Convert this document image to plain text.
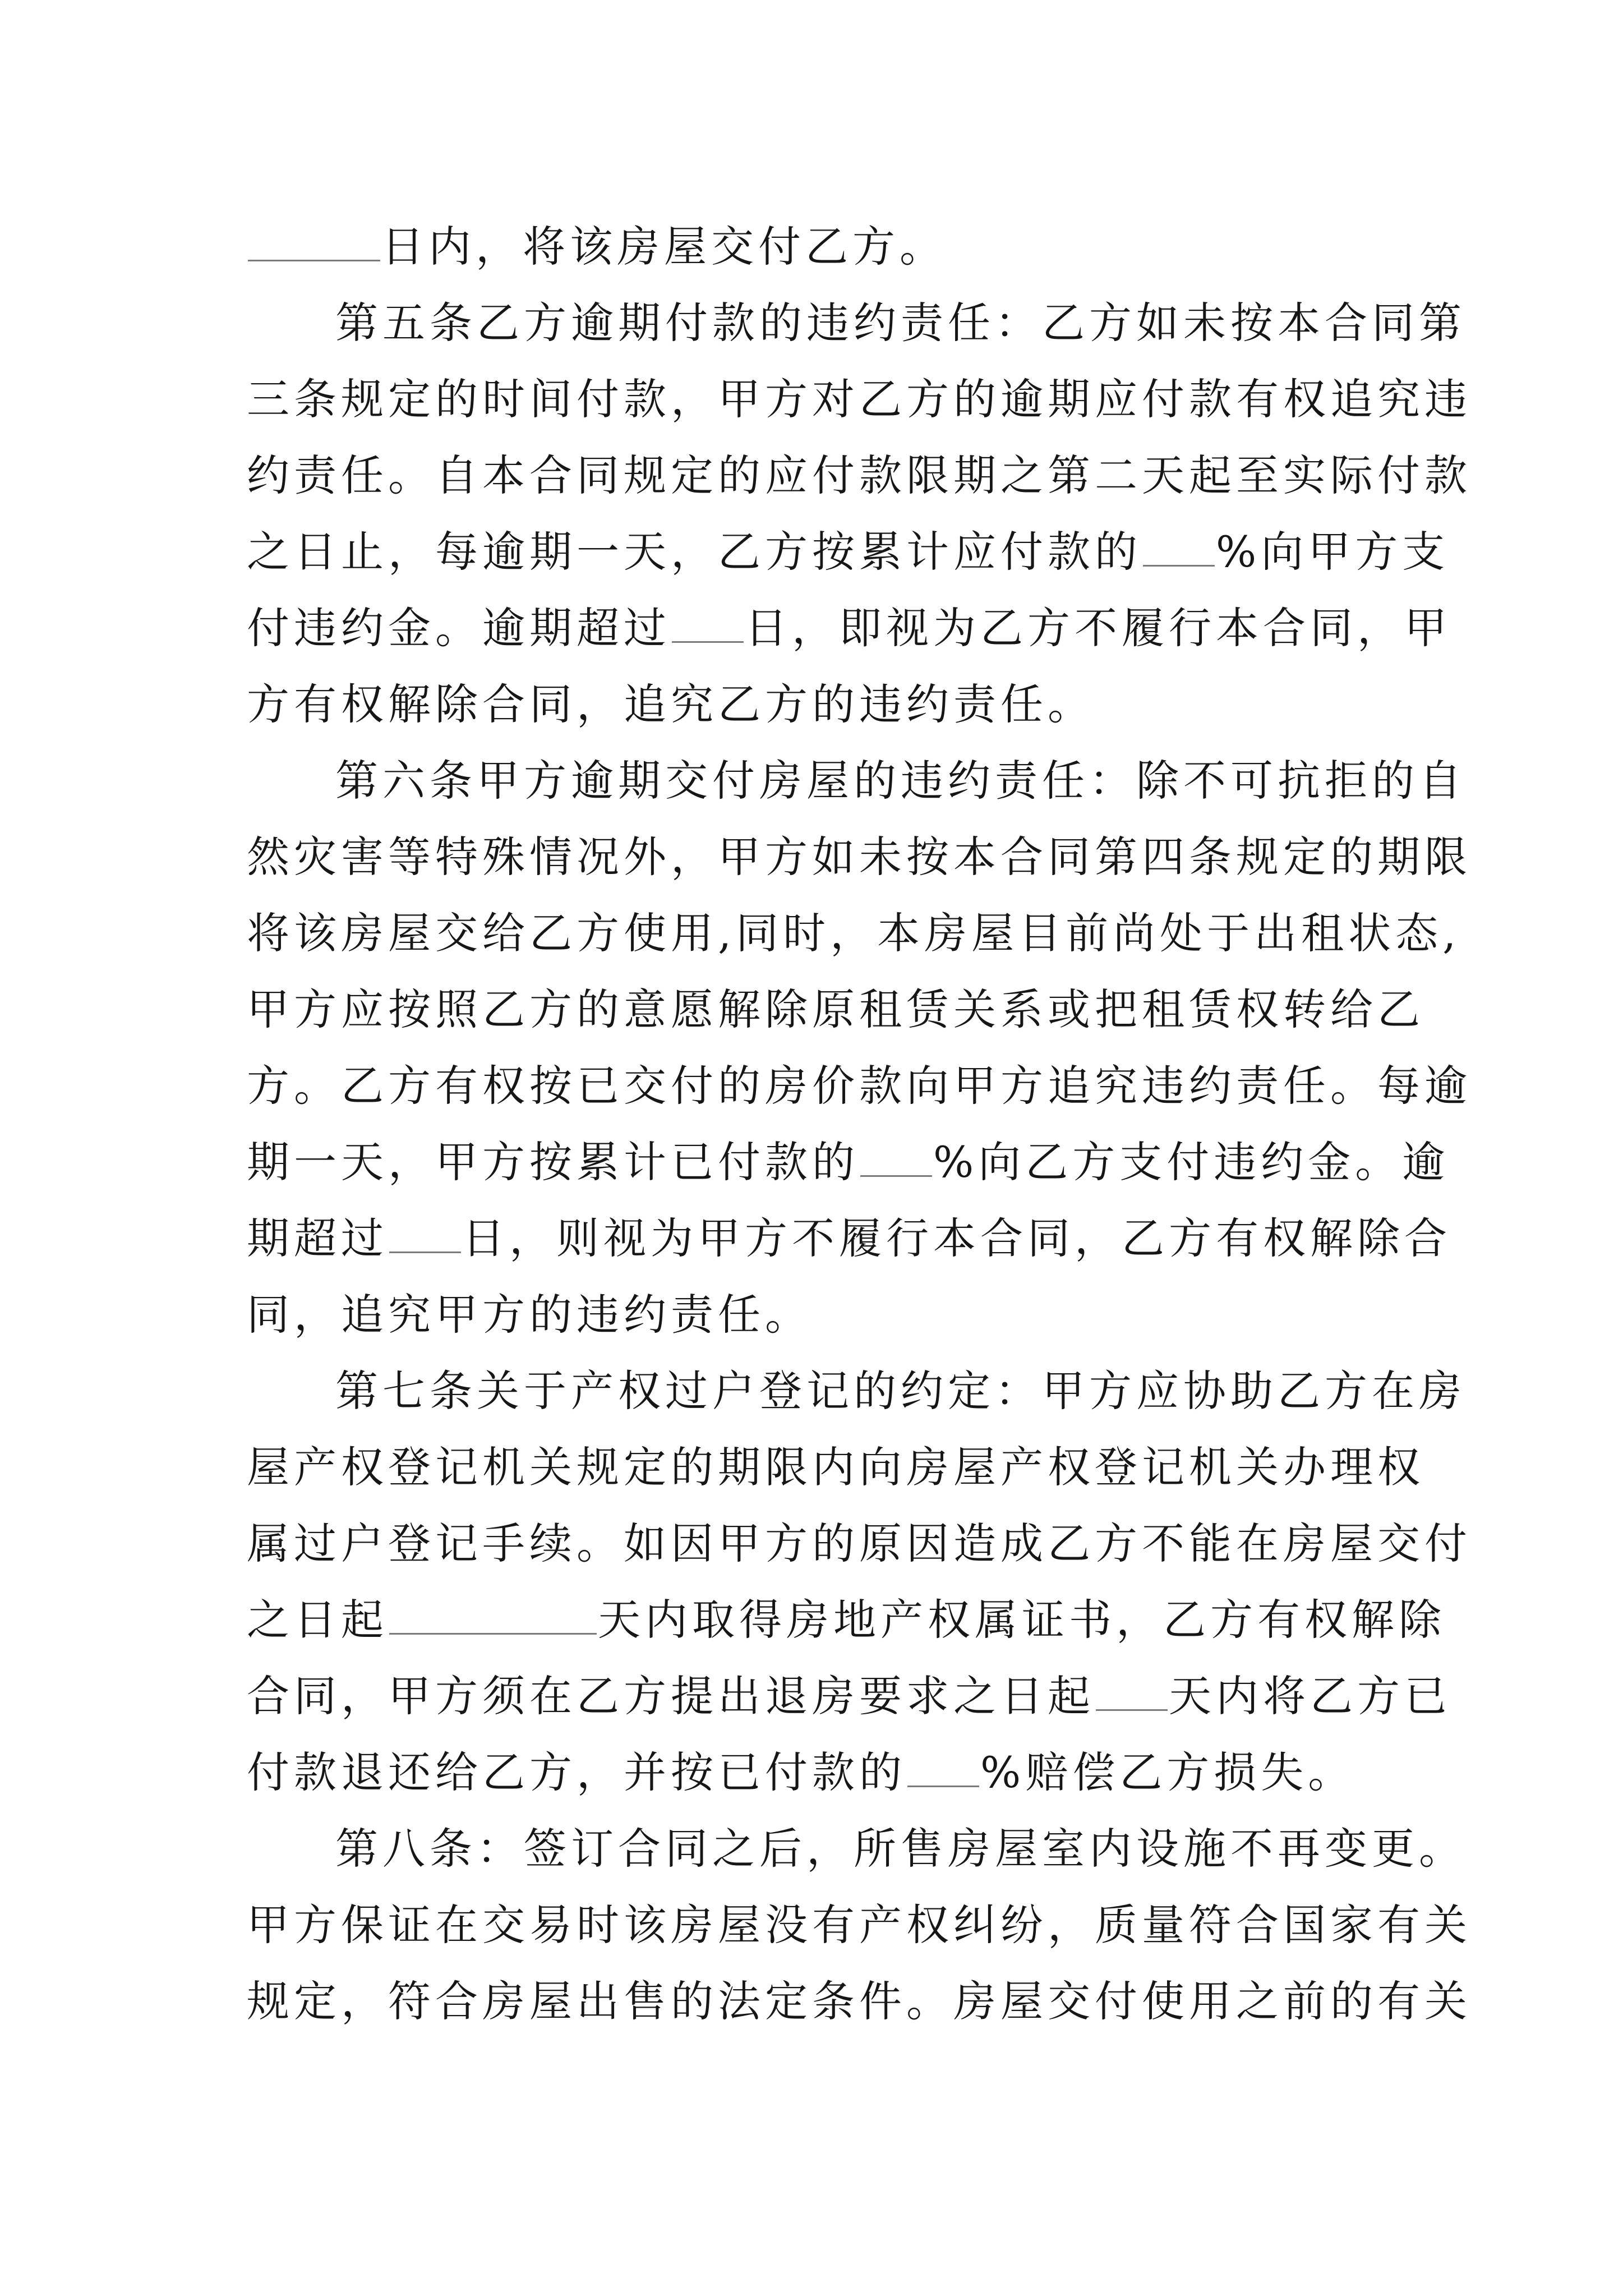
日内，将该房屋交付乙方。
第五条乙方逾期付款的违约责任：乙方如未按本合同第
三条规定的时间付款，甲方对乙方的逾期应付款有权追究违
约责任。自本合同规定的应付款限期之第二天起至实际付款
之日止，每逾期一天，乙方按累计应付款的 %向甲方支
付违约金。逾期超过 日，即视为乙方不履行本合同，甲
方有权解除合同，追究乙方的违约责任。
第六条甲方逾期交付房屋的违约责任：除不可抗拒的自
然灾害等特殊情况外，甲方如未按本合同第四条规定的期限
将该房屋交给乙方使用,同时，本房屋目前尚处于出租状态,
甲方应按照乙方的意愿解除原租赁关系或把租赁权转给乙
方。乙方有权按已交付的房价款向甲方追究违约责任。每逾
期一天，甲方按累计已付款的 %向乙方支付违约金。逾
期超过 日，则视为甲方不履行本合同，乙方有权解除合
同，追究甲方的违约责任。
第七条关于产权过户登记的约定：甲方应协助乙方在房
屋产权登记机关规定的期限内向房屋产权登记机关办理权
属过户登记手续。如因甲方的原因造成乙方不能在房屋交付
之日起	天内取得房地产权属证书，乙方有权解除
合同，甲方须在乙方提出退房要求之日起 天内将乙方已
付款退还给乙方，并按已付款的 %赔偿乙方损失。
第八条：签订合同之后，所售房屋室内设施不再变更。
甲方保证在交易时该房屋没有产权纠纷，质量符合国家有关
规定，符合房屋出售的法定条件。房屋交付使用之前的有关
